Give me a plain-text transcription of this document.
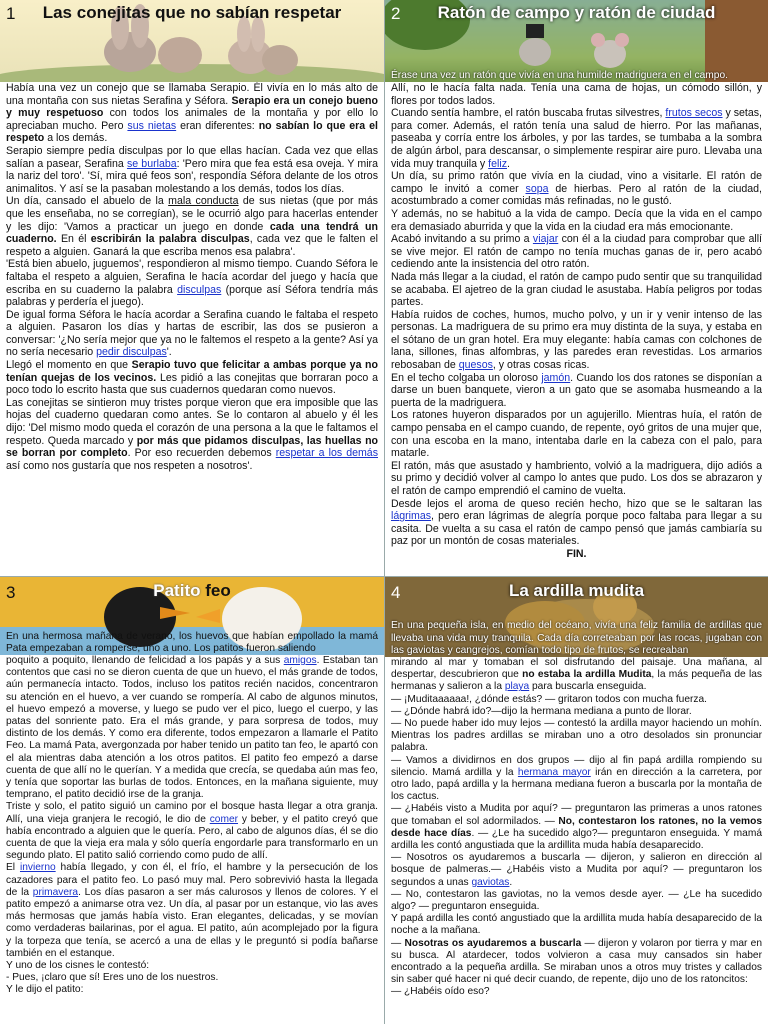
1	Las conejitas que no sabían respetar

Había una vez un conejo que se llamaba Serapio. Él vivía en lo más alto de una montaña con sus nietas Serafina y Séfora. Serapio era un conejo bueno y muy respetuoso con todos los animales de la montaña y por ello lo apreciaban mucho. Pero sus nietas eran diferentes: no sabían lo que era el respeto a los demás.

Serapio siempre pedía disculpas por lo que ellas hacían. Cada vez que ellas salían a pasear, Serafina se burlaba: 'Pero mira que fea está esa oveja. Y mira la nariz del toro'. 'Sí, mira qué feos son', respondía Séfora delante de los otros animalitos. Y así se la pasaban molestando a los demás, todos los días.

Un día, cansado el abuelo de la mala conducta de sus nietas (que por más que les enseñaba, no se corregían), se le ocurrió algo para hacerlas entender y les dijo: 'Vamos a practicar un juego en donde cada una tendrá un cuaderno. En él escribirán la palabra disculpas, cada vez que le falten el respeto a alguien. Ganará la que escriba menos esa palabra'.

'Está bien abuelo, juguemos', respondieron al mismo tiempo. Cuando Séfora le faltaba el respeto a alguien, Serafina le hacía acordar del juego y hacía que escriba en su cuaderno la palabra disculpas (porque así Séfora tendría más palabras y perdería el juego).

De igual forma Séfora le hacía acordar a Serafina cuando le faltaba el respeto a alguien. Pasaron los días y hartas de escribir, las dos se pusieron a conversar: '¿No sería mejor que ya no le faltemos el respeto a la gente? Así ya no sería necesario pedir disculpas'.

Llegó el momento en que Serapio tuvo que felicitar a ambas porque ya no tenían quejas de los vecinos. Les pidió a las conejitas que borraran poco a poco todo lo escrito hasta que sus cuadernos quedaran como nuevos.

Las conejitas se sintieron muy tristes porque vieron que era imposible que las hojas del cuaderno quedaran como antes. Se lo contaron al abuelo y él les dijo: 'Del mismo modo queda el corazón de una persona a la que le faltamos el respeto. Queda marcado y por más que pidamos disculpas, las huellas no se borran por completo. Por eso recuerden debemos respetar a los demás así como nos gustaría que nos respeten a nosotros'.

2	Ratón de campo y ratón de ciudad
Érase una vez un ratón que vivía en una humilde madriguera en el campo.

Allí, no le hacía falta nada. Tenía una cama de hojas, un cómodo sillón, y flores por todos lados.

Cuando sentía hambre, el ratón buscaba frutas silvestres, frutos secos y setas, para comer. Además, el ratón tenía una salud de hierro. Por las mañanas, paseaba y corría entre los árboles, y por las tardes, se tumbaba a la sombra de algún árbol, para descansar, o simplemente respirar aire puro. Llevaba una vida muy tranquila y feliz.

Un día, su primo ratón que vivía en la ciudad, vino a visitarle. El ratón de campo le invitó a comer sopa de hierbas. Pero al ratón de la ciudad, acostumbrado a comer comidas más refinadas, no le gustó.

Y además, no se habituó a la vida de campo. Decía que la vida en el campo era demasiado aburrida y que la vida en la ciudad era más emocionante.

Acabó invitando a su primo a viajar con él a la ciudad para comprobar que allí se vive mejor. El ratón de campo no tenía muchas ganas de ir, pero acabó cediendo ante la insistencia del otro ratón.

Nada más llegar a la ciudad, el ratón de campo pudo sentir que su tranquilidad se acababa. El ajetreo de la gran ciudad le asustaba. Había peligros por todas partes.

Había ruidos de coches, humos, mucho polvo, y un ir y venir intenso de las personas. La madriguera de su primo era muy distinta de la suya, y estaba en el sótano de un gran hotel. Era muy elegante: había camas con colchones de lana, sillones, finas alfombras, y las paredes eran revestidas. Los armarios rebosaban de quesos, y otras cosas ricas.

En el techo colgaba un oloroso jamón. Cuando los dos ratones se disponían a darse un buen banquete, vieron a un gato que se asomaba husmeando a la puerta de la madriguera.

Los ratones huyeron disparados por un agujerillo. Mientras huía, el ratón de campo pensaba en el campo cuando, de repente, oyó gritos de una mujer que, con una escoba en la mano, intentaba darle en la cabeza con el palo, para matarle.

El ratón, más que asustado y hambriento, volvió a la madriguera, dijo adiós a su primo y decidió volver al campo lo antes que pudo. Los dos se abrazaron y el ratón de campo emprendió el camino de vuelta.

Desde lejos el aroma de queso recién hecho, hizo que se le saltaran las lágrimas, pero eran lágrimas de alegría porque poco faltaba para llegar a su casita. De vuelta a su casa el ratón de campo pensó que jamás cambiaría su paz por un montón de cosas materiales.

FIN.
3	Patito feo
En una hermosa mañana de verano, los huevos que habían empollado la mamá Pata empezaban a romperse, uno a uno. Los patitos fueron saliendo

poquito a poquito, llenando de felicidad a los papás y a sus amigos. Estaban tan contentos que casi no se dieron cuenta de que un huevo, el más grande de todos, aún permanecía intacto. Todos, incluso los patitos recién nacidos, concentraron su atención en el huevo, a ver cuando se rompería. Al cabo de algunos minutos, el huevo empezó a moverse, y luego se pudo ver el pico, luego el cuerpo, y las patas del sonriente pato. Era el más grande, y para sorpresa de todos, muy distinto de los demás. Y como era diferente, todos empezaron a llamarle el Patito Feo. La mamá Pata, avergonzada por haber tenido un patito tan feo, le apartó con el ala mientras daba atención a los otros patitos. El patito feo empezó a darse cuenta de que allí no le querían. Y a medida que crecía, se quedaba aún mas feo, y tenía que soportar las burlas de todos. Entonces, en la mañana siguiente, muy temprano, el patito decidió irse de la granja.

Triste y solo, el patito siguió un camino por el bosque hasta llegar a otra granja. Allí, una vieja granjera le recogió, le dio de comer y beber, y el patito creyó que había encontrado a alguien que le quería. Pero, al cabo de algunos días, él se dio cuenta de que la vieja era mala y sólo quería engordarle para transformarlo en un segundo plato. El patito salió corriendo como pudo de allí.

El invierno había llegado, y con él, el frío, el hambre y la persecución de los cazadores para el patito feo. Lo pasó muy mal. Pero sobrevivió hasta la llegada de la primavera. Los días pasaron a ser más calurosos y llenos de colores. Y el patito empezó a animarse otra vez. Un día, al pasar por un estanque, vio las aves más hermosas que jamás había visto. Eran elegantes, delicadas, y se movían como verdaderas bailarinas, por el agua. El patito, aún acomplejado por la figura y la torpeza que tenía, se acercó a una de ellas y le preguntó si podía bañarse también en el estanque.

Y uno de los cisnes le contestó:

- Pues, ¡claro que sí! Eres uno de los nuestros.

Y le dijo el patito:

4	La ardilla mudita
En una pequeña isla, en medio del océano, vivía una feliz familia de ardillas que llevaba una vida muy tranquila. Cada día correteaban por las rocas, jugaban con las gaviotas y cangrejos, comían todo tipo de frutos, se recreaban

mirando al mar y tomaban el sol disfrutando del paisaje. Una mañana, al despertar, descubrieron que no estaba la ardilla Mudita, la más pequeña de las hermanas y salieron a la playa para buscarla enseguida.

— ¡Muditaaaaaa!, ¿dónde estás? — gritaron todos con mucha fuerza.

— ¿Dónde habrá ido?—dijo la hermana mediana a punto de llorar.

— No puede haber ido muy lejos — contestó la ardilla mayor haciendo un mohín. Mientras los padres ardillas se miraban uno a otro desolados sin pronunciar palabra.

— Vamos a dividirnos en dos grupos — dijo al fin papá ardilla rompiendo su silencio. Mamá ardilla y la hermana mayor irán en dirección a la carretera, por otro lado, papá ardilla y la hermana mediana fueron a buscarla por la montaña de los cactus.

— ¿Habéis visto a Mudita por aquí? — preguntaron las primeras a unos ratones que tomaban el sol adormilados. — No, contestaron los ratones, no la vemos desde hace días. — ¿Le ha sucedido algo?— preguntaron enseguida. Y mamá ardilla les contó angustiada que la ardillita muda había desaparecido.

— Nosotros os ayudaremos a buscarla — dijeron, y salieron en dirección al bosque de palmeras.— ¿Habéis visto a Mudita por aquí? — preguntaron los segundos a unas gaviotas.

— No, contestaron las gaviotas, no la vemos desde ayer. — ¿Le ha sucedido algo? — preguntaron enseguida.

Y papá ardilla les contó angustiado que la ardillita muda había desaparecido de la noche a la mañana.

— Nosotras os ayudaremos a buscarla — dijeron y volaron por tierra y mar en su busca. Al atardecer, todos volvieron a casa muy cansados sin haber encontrado a la pequeña ardilla. Se miraban unos a otros muy tristes y callados sin saber qué hacer ni qué decir cuando, de repente, dijo uno de los ratoncitos:

— ¿Habéis oído eso?
